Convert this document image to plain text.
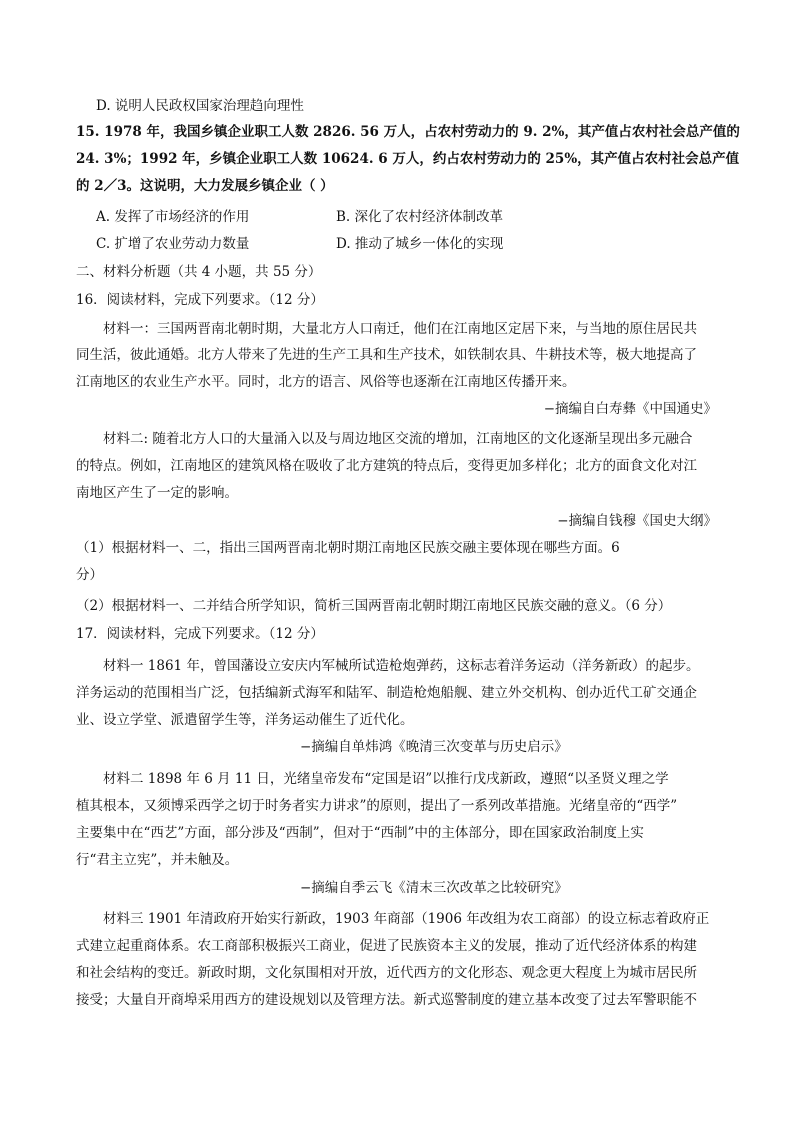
D. 说明人民政权国家治理趋向理性
15. 1978 年，我国乡镇企业职工人数 2826. 56 万人，占农村劳动力的 9. 2%，其产值占农村社会总产值的
24. 3%；1992 年，乡镇企业职工人数 10624. 6 万人，约占农村劳动力的 25%，其产值占农村社会总产值
的 2／3。这说明，大力发展乡镇企业（ ）
A. 发挥了市场经济的作用	B. 深化了农村经济体制改革
C. 扩增了农业劳动力数量	D. 推动了城乡一体化的实现
二、材料分析题（共 4 小题，共 55 分）
16．阅读材料，完成下列要求。（12 分）
材料一：三国两晋南北朝时期，大量北方人口南迁，他们在江南地区定居下来，与当地的原住居民共
同生活，彼此通婚。北方人带来了先进的生产工具和生产技术，如铁制农具、牛耕技术等，极大地提高了
江南地区的农业生产水平。同时，北方的语言、风俗等也逐渐在江南地区传播开来。
−摘编自白寿彝《中国通史》
材料二: 随着北方人口的大量涌入以及与周边地区交流的增加，江南地区的文化逐渐呈现出多元融合
的特点。例如，江南地区的建筑风格在吸收了北方建筑的特点后，变得更加多样化；北方的面食文化对江
南地区产生了一定的影响。
−摘编自钱穆《国史大纲》
（1）根据材料一、二，指出三国两晋南北朝时期江南地区民族交融主要体现在哪些方面。6
分）
（2）根据材料一、二并结合所学知识，简析三国两晋南北朝时期江南地区民族交融的意义。（6 分）
17．阅读材料，完成下列要求。（12 分）
材料一 1861 年，曾国藩设立安庆内军械所试造枪炮弹药，这标志着洋务运动（洋务新政）的起步。
洋务运动的范围相当广泛，包括编新式海军和陆军、制造枪炮船舰、建立外交机构、创办近代工矿交通企
业、设立学堂、派遣留学生等，洋务运动催生了近代化。
−摘编自单炜鸿《晚清三次变革与历史启示》
材料二 1898 年 6 月 11 日，光绪皇帝发布“定国是诏”以推行戊戌新政，遵照“以圣贤义理之学
植其根本，又须博采西学之切于时务者实力讲求”的原则，提出了一系列改革措施。光绪皇帝的“西学”
主要集中在“西艺”方面，部分涉及“西制”，但对于“西制”中的主体部分，即在国家政治制度上实
行“君主立宪”，并未触及。
−摘编自季云飞《清末三次改革之比较研究》
材料三 1901 年清政府开始实行新政，1903 年商部（1906 年改组为农工商部）的设立标志着政府正
式建立起重商体系。农工商部积极振兴工商业，促进了民族资本主义的发展，推动了近代经济体系的构建
和社会结构的变迁。新政时期，文化氛围相对开放，近代西方的文化形态、观念更大程度上为城市居民所
接受；大量自开商埠采用西方的建设规划以及管理方法。新式巡警制度的建立基本改变了过去军警职能不
